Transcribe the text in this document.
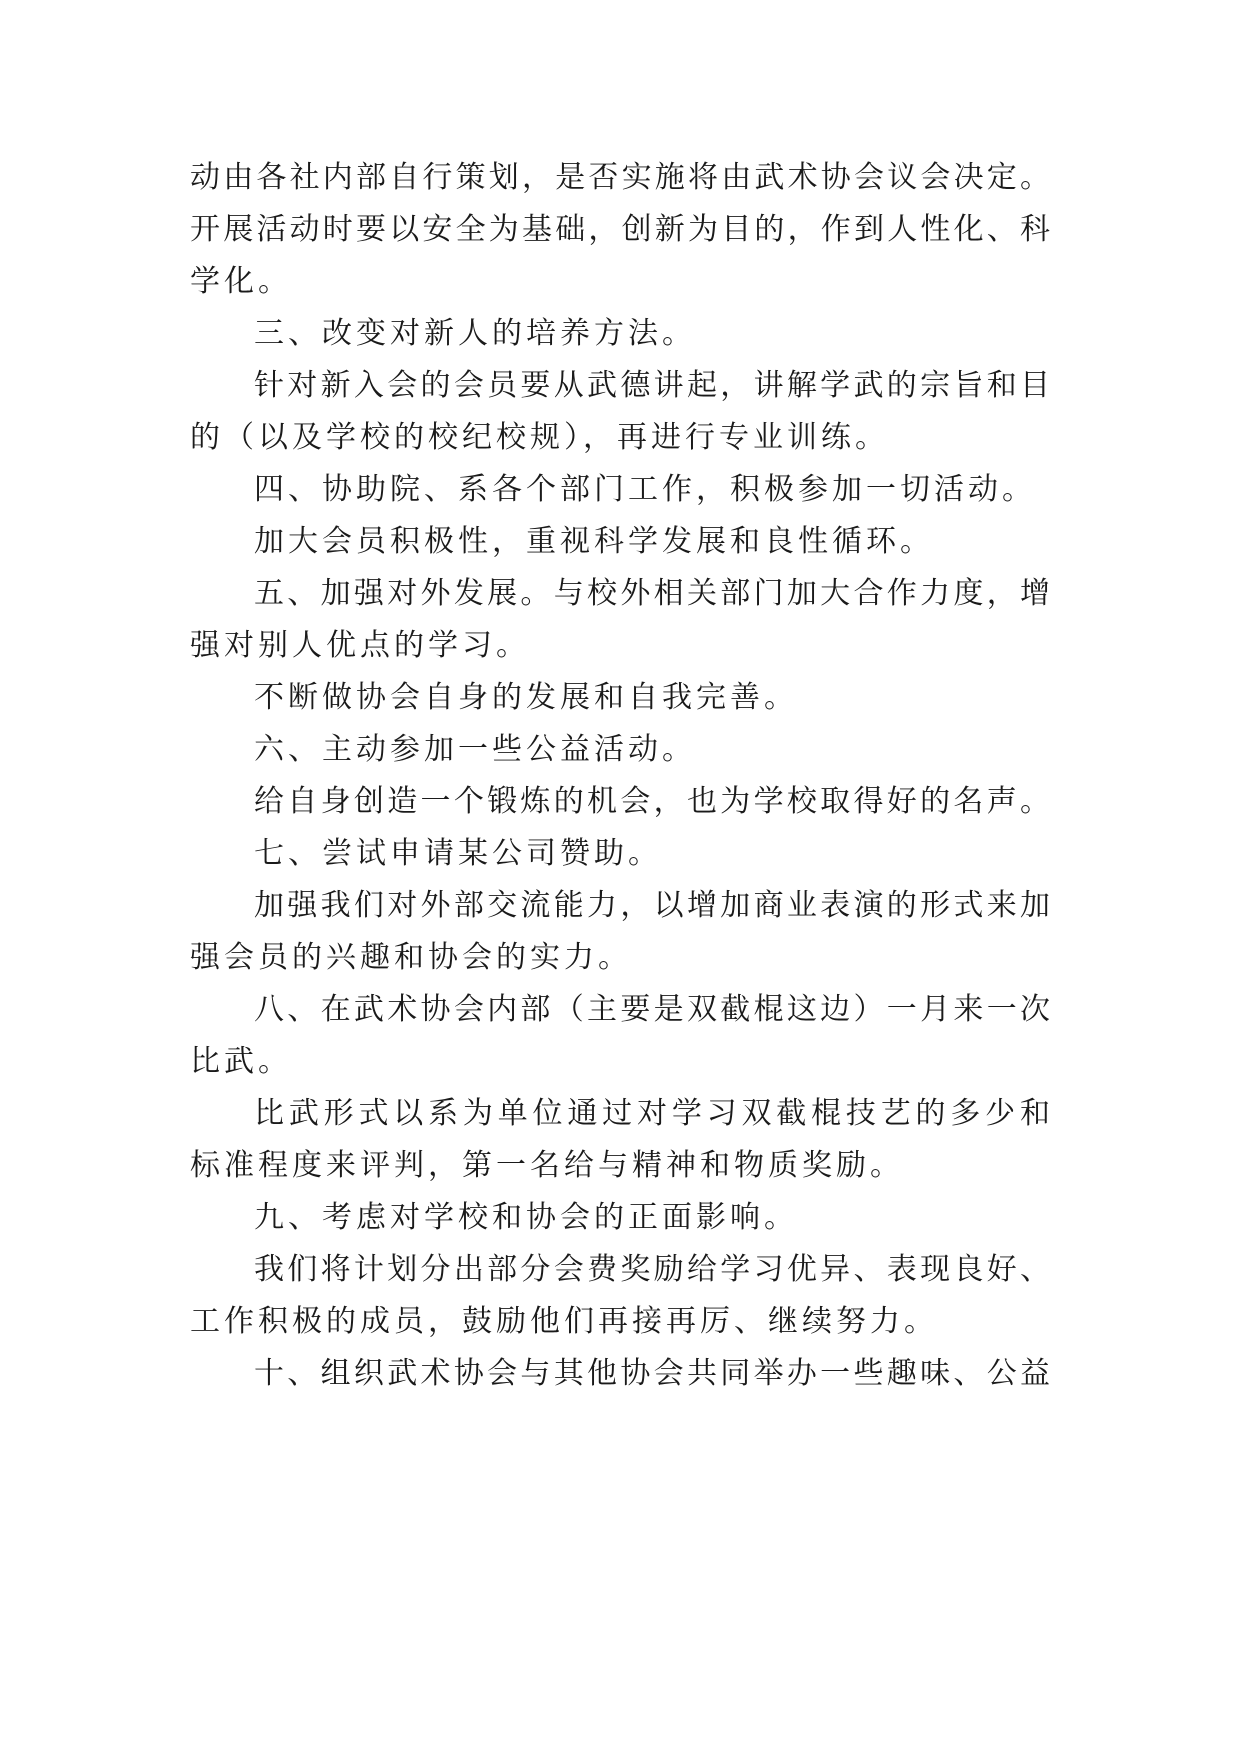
动由各社内部自行策划，是否实施将由武术协会议会决定。
开展活动时要以安全为基础，创新为目的，作到人性化、科
学化。
三、改变对新人的培养方法。
针对新入会的会员要从武德讲起，讲解学武的宗旨和目
的（以及学校的校纪校规），再进行专业训练。
四、协助院、系各个部门工作，积极参加一切活动。
加大会员积极性，重视科学发展和良性循环。
五、加强对外发展。与校外相关部门加大合作力度，增
强对别人优点的学习。
不断做协会自身的发展和自我完善。
六、主动参加一些公益活动。
给自身创造一个锻炼的机会，也为学校取得好的名声。
七、尝试申请某公司赞助。
加强我们对外部交流能力，以增加商业表演的形式来加
强会员的兴趣和协会的实力。
八、在武术协会内部（主要是双截棍这边）一月来一次
比武。
比武形式以系为单位通过对学习双截棍技艺的多少和
标准程度来评判，第一名给与精神和物质奖励。
九、考虑对学校和协会的正面影响。
我们将计划分出部分会费奖励给学习优异、表现良好、
工作积极的成员，鼓励他们再接再厉、继续努力。
十、组织武术协会与其他协会共同举办一些趣味、公益
